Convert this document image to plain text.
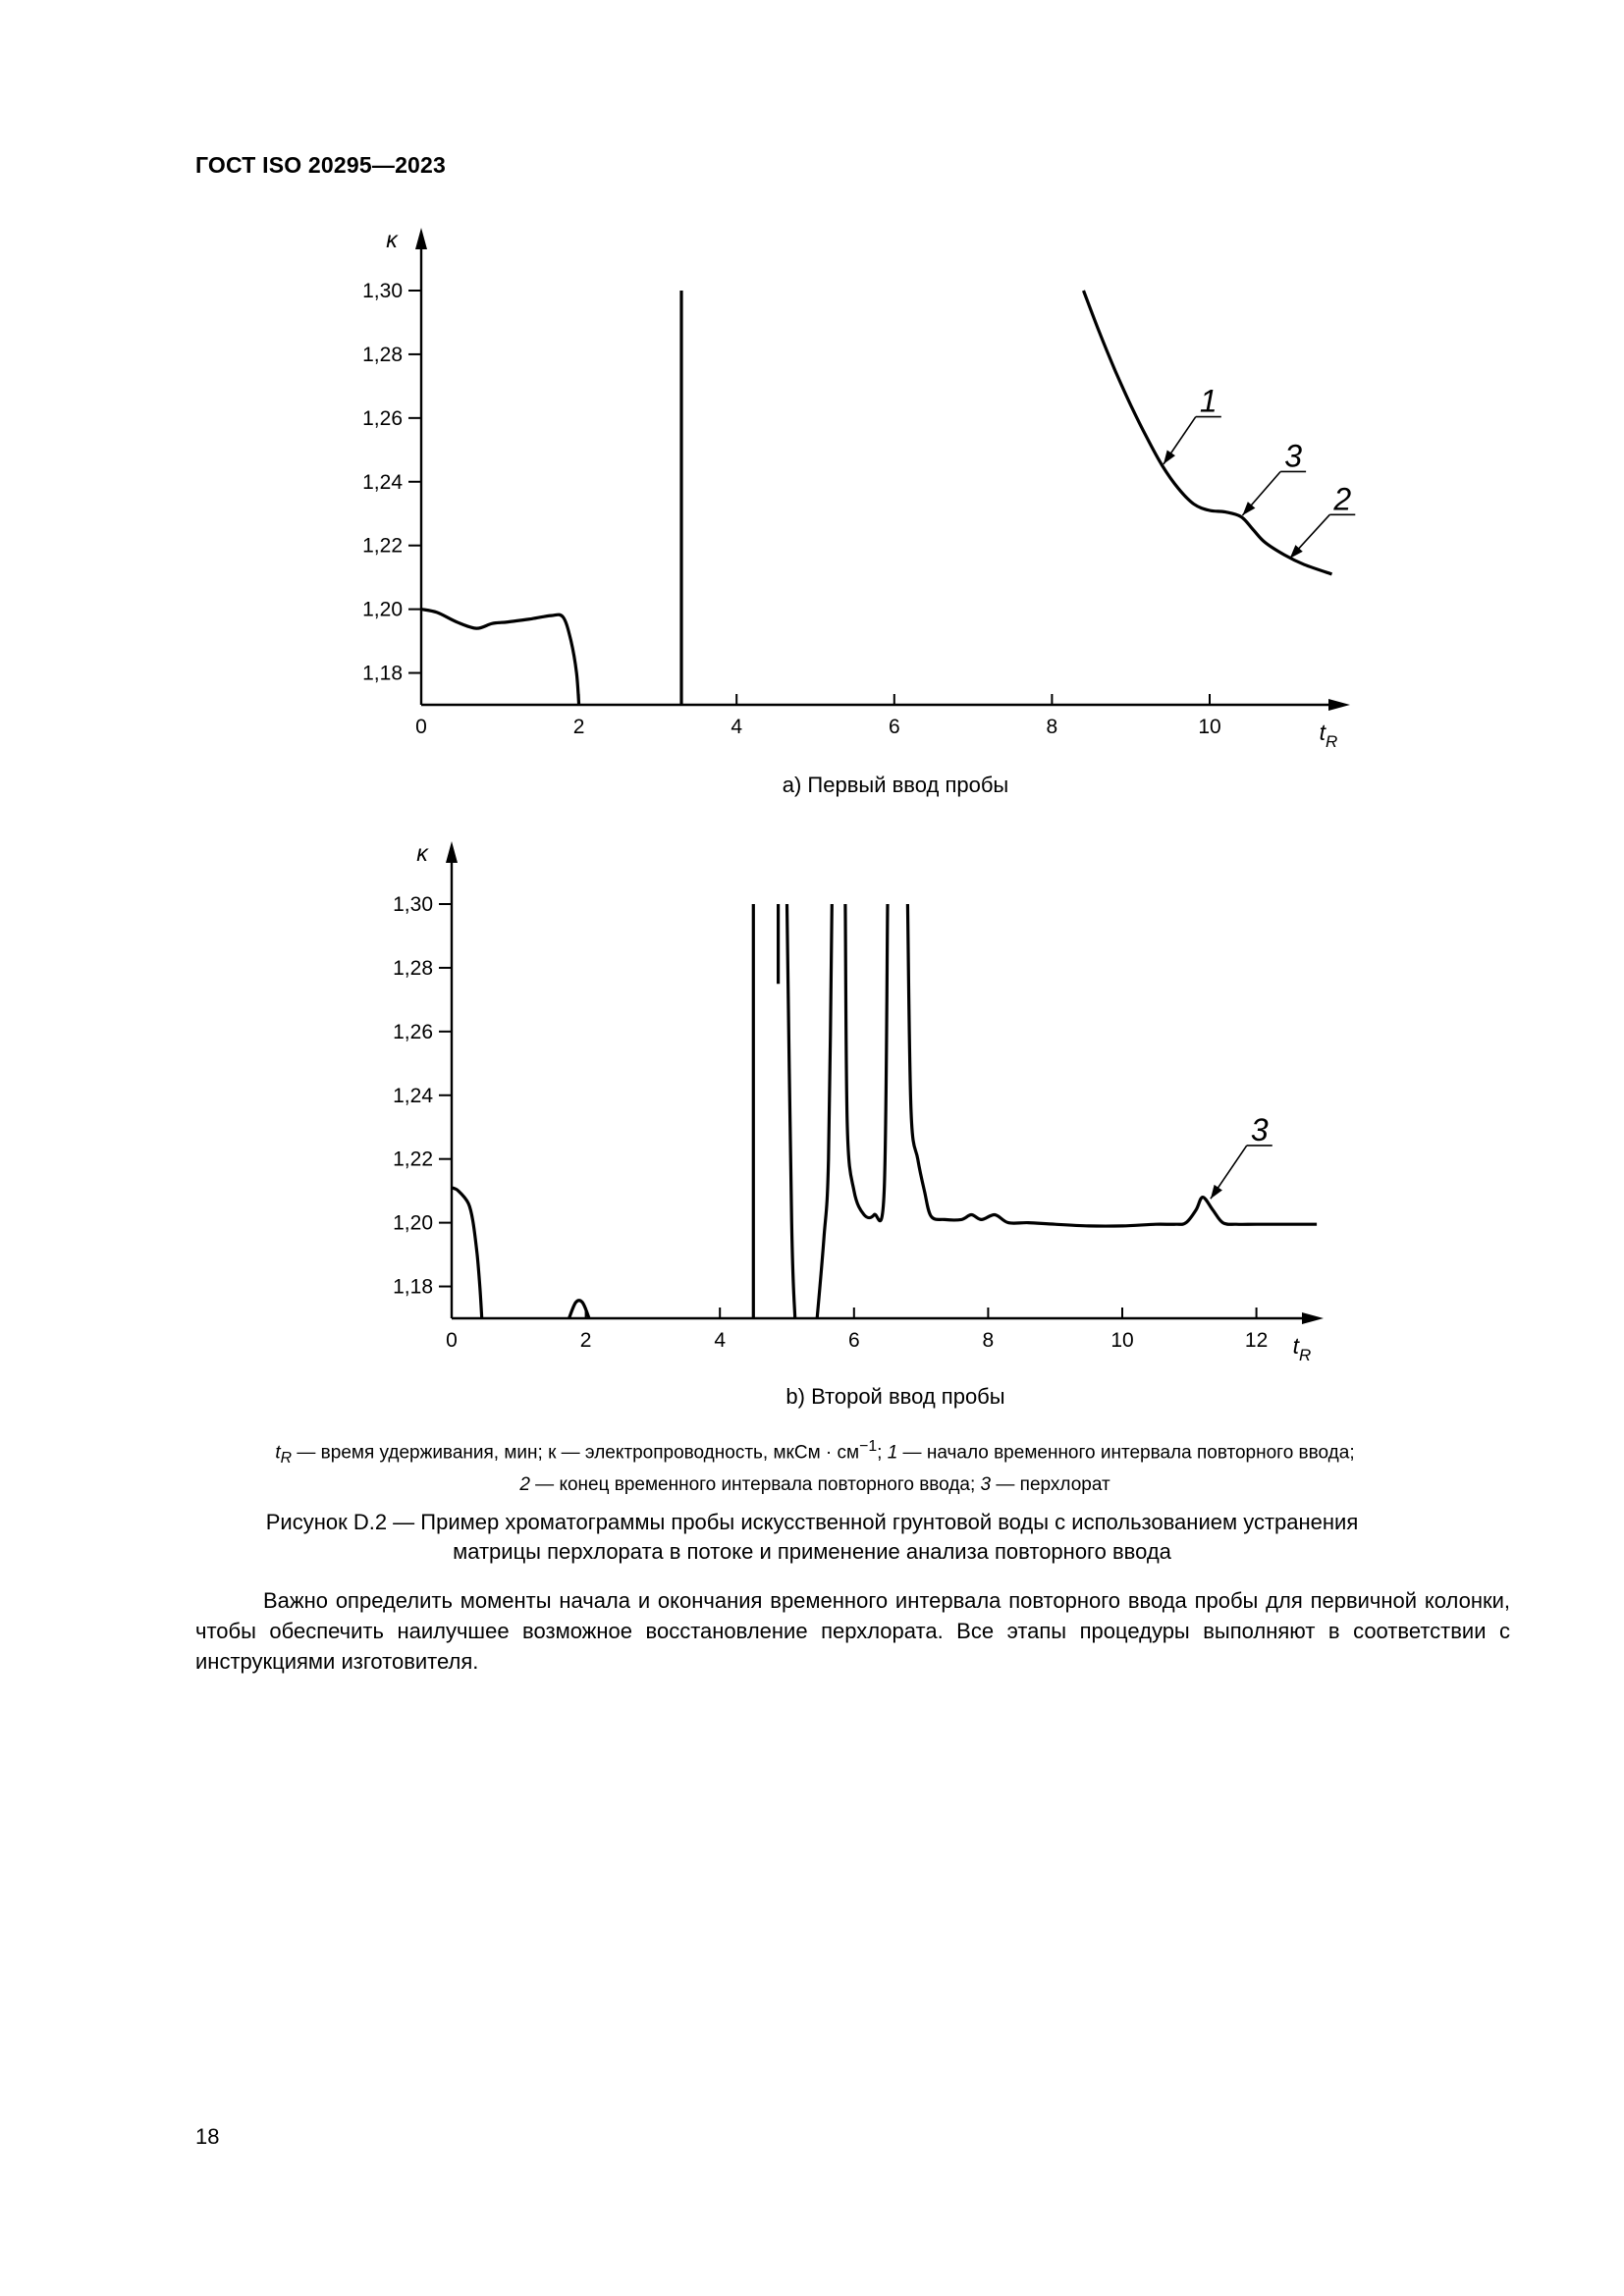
ГОСТ ISO 20295—2023
0	2	4	6	8	10
1,30
1,28
1,26
1,24
1,22
1,20
1,18
κ
$t_R$
1
3
2
a) Первый ввод пробы
0	2	4	6	8	10	12
1,30
1,28
1,26
1,24
1,22
1,20
1,18
κ
$t_R$
3
b) Второй ввод пробы
$t_R$ — время удерживания, мин; к — электропроводность, мкСм · $см^{-1}$; 1 — начало временного интервала повторного ввода;
2 — конец временного интервала повторного ввода; 3 — перхлорат
Рисунок D.2 — Пример хроматограммы пробы искусственной грунтовой воды с использованием устранения
матрицы перхлората в потоке и применение анализа повторного ввода

Важно определить моменты начала и окончания временного интервала повторного ввода пробы для первичной колонки, чтобы обеспечить наилучшее возможное восстановление перхлората. Все этапы процедуры выполняют в соответствии с инструкциями изготовителя.

18
